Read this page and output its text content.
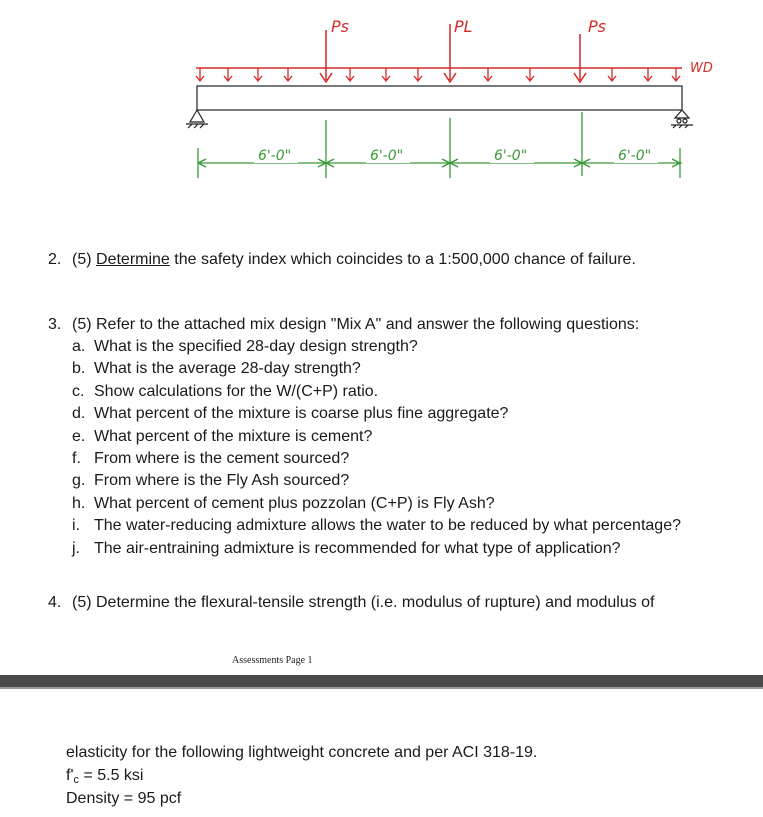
Ps	PL	Ps
WD
6'-0"	6'-0"	6'-0"	6'-0"
2. (5) Determine the safety index which coincides to a 1:500,000 chance of failure.
3. (5) Refer to the attached mix design "Mix A" and answer the following questions:
a. What is the specified 28-day design strength?
b. What is the average 28-day strength?
c. Show calculations for the W/(C+P) ratio.
d. What percent of the mixture is coarse plus fine aggregate?
e. What percent of the mixture is cement?
f. From where is the cement sourced?
g. From where is the Fly Ash sourced?
h. What percent of cement plus pozzolan (C+P) is Fly Ash?
i. The water-reducing admixture allows the water to be reduced by what percentage?
j. The air-entraining admixture is recommended for what type of application?
4. (5) Determine the flexural-tensile strength (i.e. modulus of rupture) and modulus of
Assessments Page 1
elasticity for the following lightweight concrete and per ACI 318-19.
$f'_c = 5.5$ ksi
Density = 95 pcf
